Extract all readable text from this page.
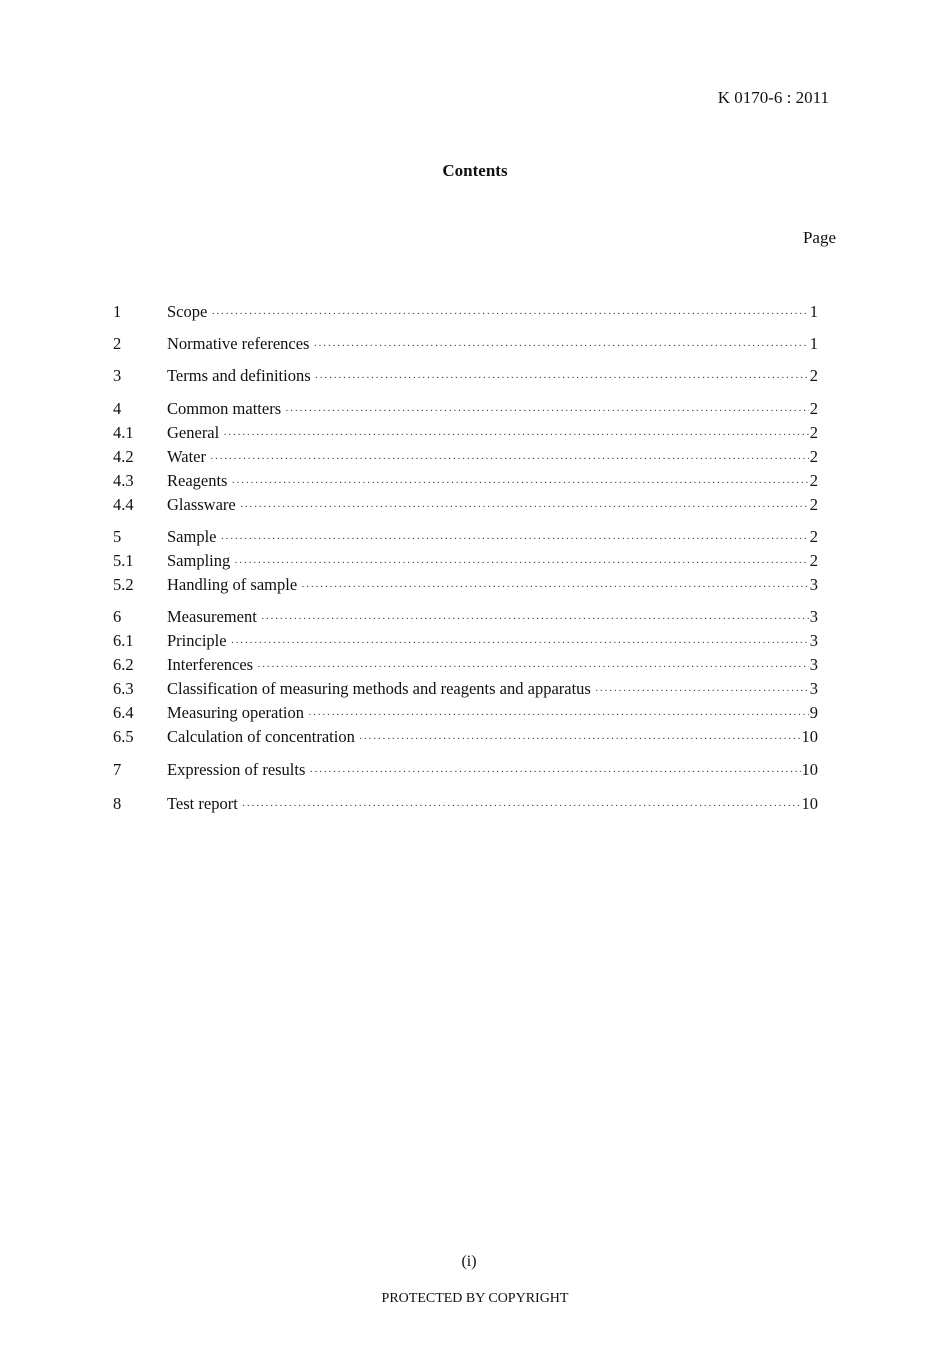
K 0170-6 : 2011
Contents
Page
1	Scope ·····	1
2	Normative references ·····	1
3	Terms and definitions ·····	2
4	Common matters ·····	2
4.1	General ·····	2
4.2	Water ·····	2
4.3	Reagents ·····	2
4.4	Glassware ·····	2
5	Sample ·····	2
5.1	Sampling ·····	2
5.2	Handling of sample ·····	3
6	Measurement ·····	3
6.1	Principle ·····	3
6.2	Interferences ·····	3
6.3	Classification of measuring methods and reagents and apparatus ·····	3
6.4	Measuring operation ·····	9
6.5	Calculation of concentration ·····	10
7	Expression of results ·····	10
8	Test report ·····	10
(i)
PROTECTED BY COPYRIGHT
